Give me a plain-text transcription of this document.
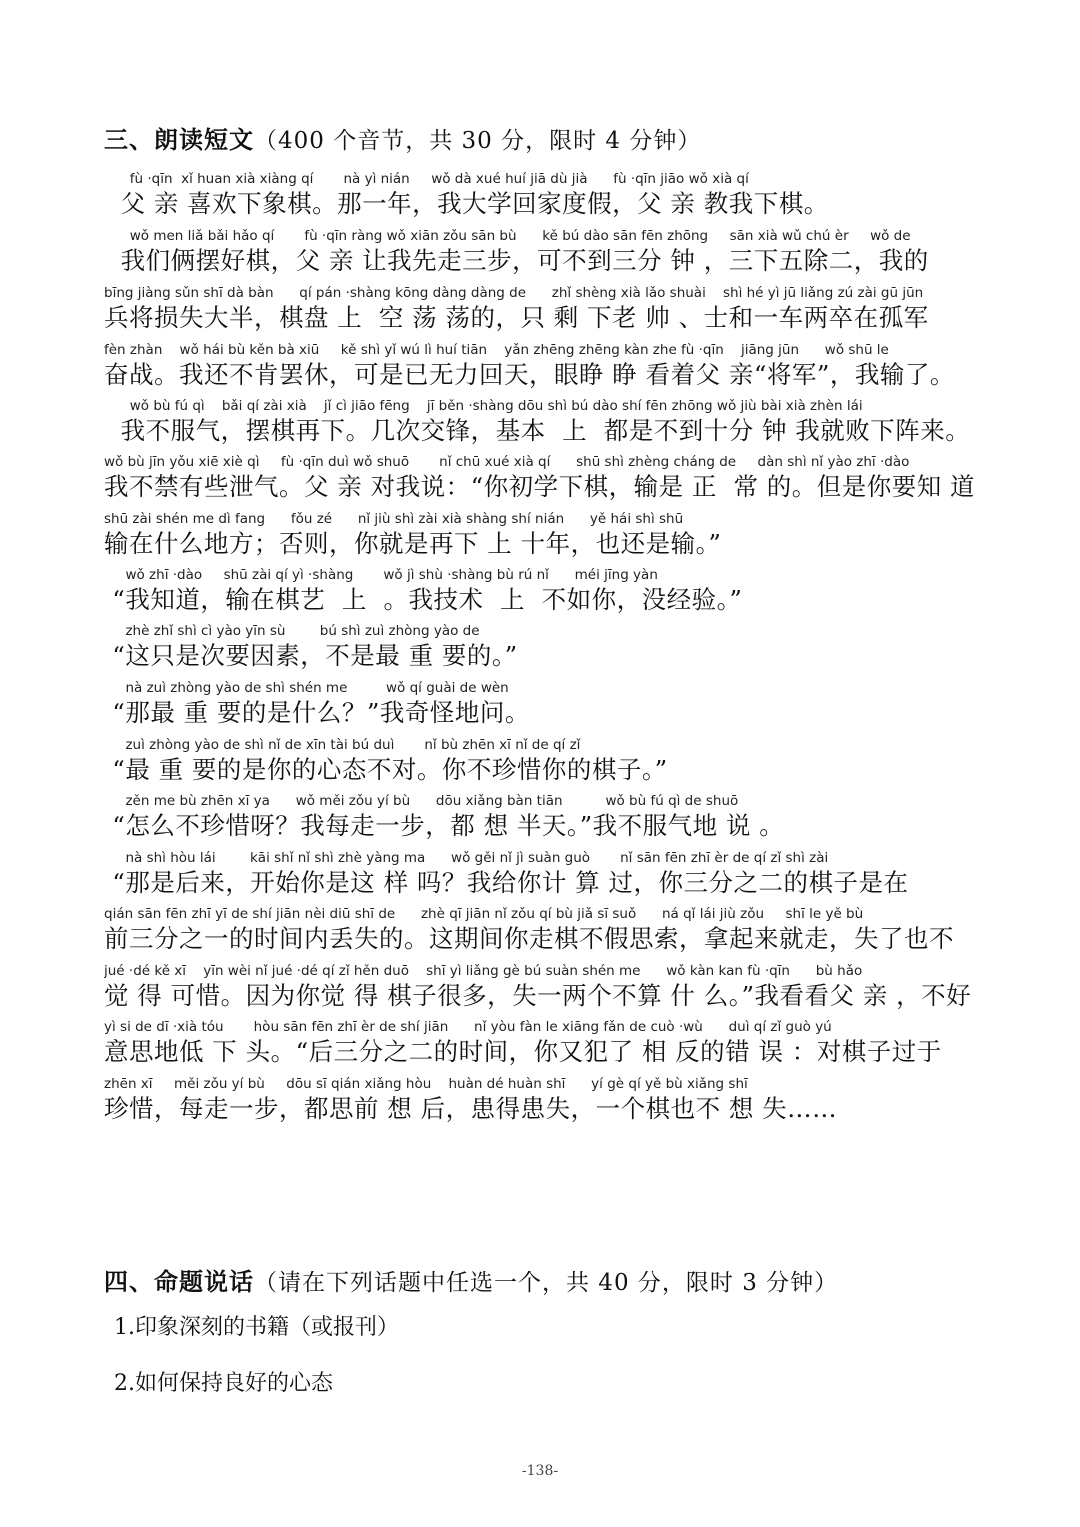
三、朗读短文（400 个音节，共 30 分，限时 4 分钟）
fù ·qīn  xǐ huan xià xiàng qí       nà yì nián     wǒ dà xué huí jiā dù jià      fù ·qīn jiāo wǒ xià qí
父 亲 喜欢下象棋。那一年，我大学回家度假，父 亲 教我下棋。
wǒ men liǎ bǎi hǎo qí       fù ·qīn ràng wǒ xiān zǒu sān bù      kě bú dào sān fēn zhōng     sān xià wǔ chú èr     wǒ de
我们俩摆好棋，父 亲 让我先走三步，可不到三分 钟 ，三下五除二，我的
bīng jiàng sǔn shī dà bàn      qí pán ·shàng kōng dàng dàng de      zhǐ shèng xià lǎo shuài    shì hé yì jū liǎng zú zài gū jūn
兵将损失大半，棋盘 上  空 荡 荡的，只 剩 下老 帅 、士和一车两卒在孤军
fèn zhàn    wǒ hái bù kěn bà xiū     kě shì yǐ wú lì huí tiān    yǎn zhēng zhēng kàn zhe fù ·qīn    jiāng jūn      wǒ shū le
奋战。我还不肯罢休，可是已无力回天，眼睁 睁 看着父 亲“将军”，我输了。
wǒ bù fú qì    bǎi qí zài xià    jǐ cì jiāo fēng    jī běn ·shàng dōu shì bú dào shí fēn zhōng wǒ jiù bài xià zhèn lái
我不服气，摆棋再下。几次交锋，基本  上  都是不到十分 钟 我就败下阵来。
wǒ bù jīn yǒu xiē xiè qì     fù ·qīn duì wǒ shuō       nǐ chū xué xià qí      shū shì zhèng cháng de     dàn shì nǐ yào zhī ·dào
我不禁有些泄气。父 亲 对我说：“你初学下棋，输是 正  常 的。但是你要知 道
shū zài shén me dì fang      fǒu zé      nǐ jiù shì zài xià shàng shí nián      yě hái shì shū
输在什么地方；否则，你就是再下 上 十年，也还是输。”
wǒ zhī ·dào     shū zài qí yì ·shàng       wǒ jì shù ·shàng bù rú nǐ      méi jīng yàn
“我知道，输在棋艺  上  。我技术  上  不如你，没经验。”
zhè zhǐ shì cì yào yīn sù        bú shì zuì zhòng yào de
“这只是次要因素，不是最 重 要的。”
nà zuì zhòng yào de shì shén me         wǒ qí guài de wèn
“那最 重 要的是什么？”我奇怪地问。
zuì zhòng yào de shì nǐ de xīn tài bú duì       nǐ bù zhēn xī nǐ de qí zǐ
“最 重 要的是你的心态不对。你不珍惜你的棋子。”
zěn me bù zhēn xī ya      wǒ měi zǒu yí bù      dōu xiǎng bàn tiān          wǒ bù fú qì de shuō
“怎么不珍惜呀？我每走一步，都 想 半天。”我不服气地 说 。
nà shì hòu lái        kāi shǐ nǐ shì zhè yàng ma      wǒ gěi nǐ jì suàn guò       nǐ sān fēn zhī èr de qí zǐ shì zài
“那是后来，开始你是这 样 吗？我给你计 算 过，你三分之二的棋子是在
qián sān fēn zhī yī de shí jiān nèi diū shī de      zhè qī jiān nǐ zǒu qí bù jiǎ sī suǒ      ná qǐ lái jiù zǒu     shī le yě bù
前三分之一的时间内丢失的。这期间你走棋不假思索，拿起来就走，失了也不
jué ·dé kě xī    yīn wèi nǐ jué ·dé qí zǐ hěn duō    shī yì liǎng gè bú suàn shén me      wǒ kàn kan fù ·qīn      bù hǎo
觉 得 可惜。因为你觉 得 棋子很多，失一两个不算 什 么。”我看看父 亲 ，不好
yì si de dī ·xià tóu       hòu sān fēn zhī èr de shí jiān      nǐ yòu fàn le xiāng fǎn de cuò ·wù      duì qí zǐ guò yú
意思地低 下 头。“后三分之二的时间，你又犯了 相 反的错 误 ：对棋子过于
zhēn xī     měi zǒu yí bù     dōu sī qián xiǎng hòu    huàn dé huàn shī      yí gè qí yě bù xiǎng shī
珍惜，每走一步，都思前 想 后，患得患失，一个棋也不 想 失……
四、命题说话（请在下列话题中任选一个，共 40 分，限时 3 分钟）
1.印象深刻的书籍（或报刊）
2.如何保持良好的心态
-138-
